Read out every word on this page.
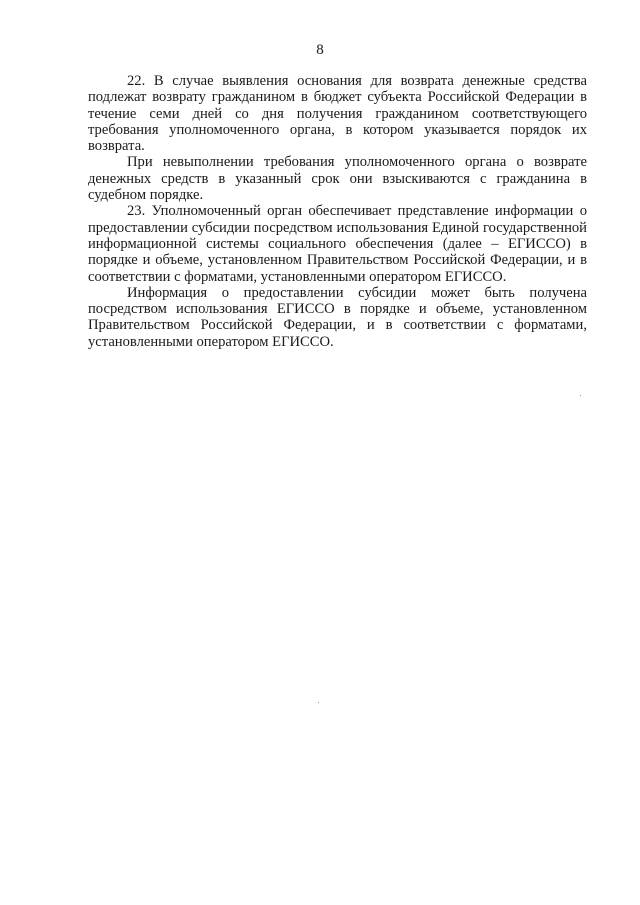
8

22. В случае выявления основания для возврата денежные средства подлежат возврату гражданином в бюджет субъекта Российской Федерации в течение семи дней со дня получения гражданином соответствующего требования уполномоченного органа, в котором указывается порядок их возврата.

При невыполнении требования уполномоченного органа о возврате денежных средств в указанный срок они взыскиваются с гражданина в судебном порядке.

23. Уполномоченный орган обеспечивает представление информации о предоставлении субсидии посредством использования Единой государственной информационной системы социального обеспечения (далее – ЕГИССО) в порядке и объеме, установленном Правительством Российской Федерации, и в соответствии с форматами, установленными оператором ЕГИССО.

Информация о предоставлении субсидии может быть получена посредством использования ЕГИССО в порядке и объеме, установленном Правительством Российской Федерации, и в соответствии с форматами, установленными оператором ЕГИССО.
